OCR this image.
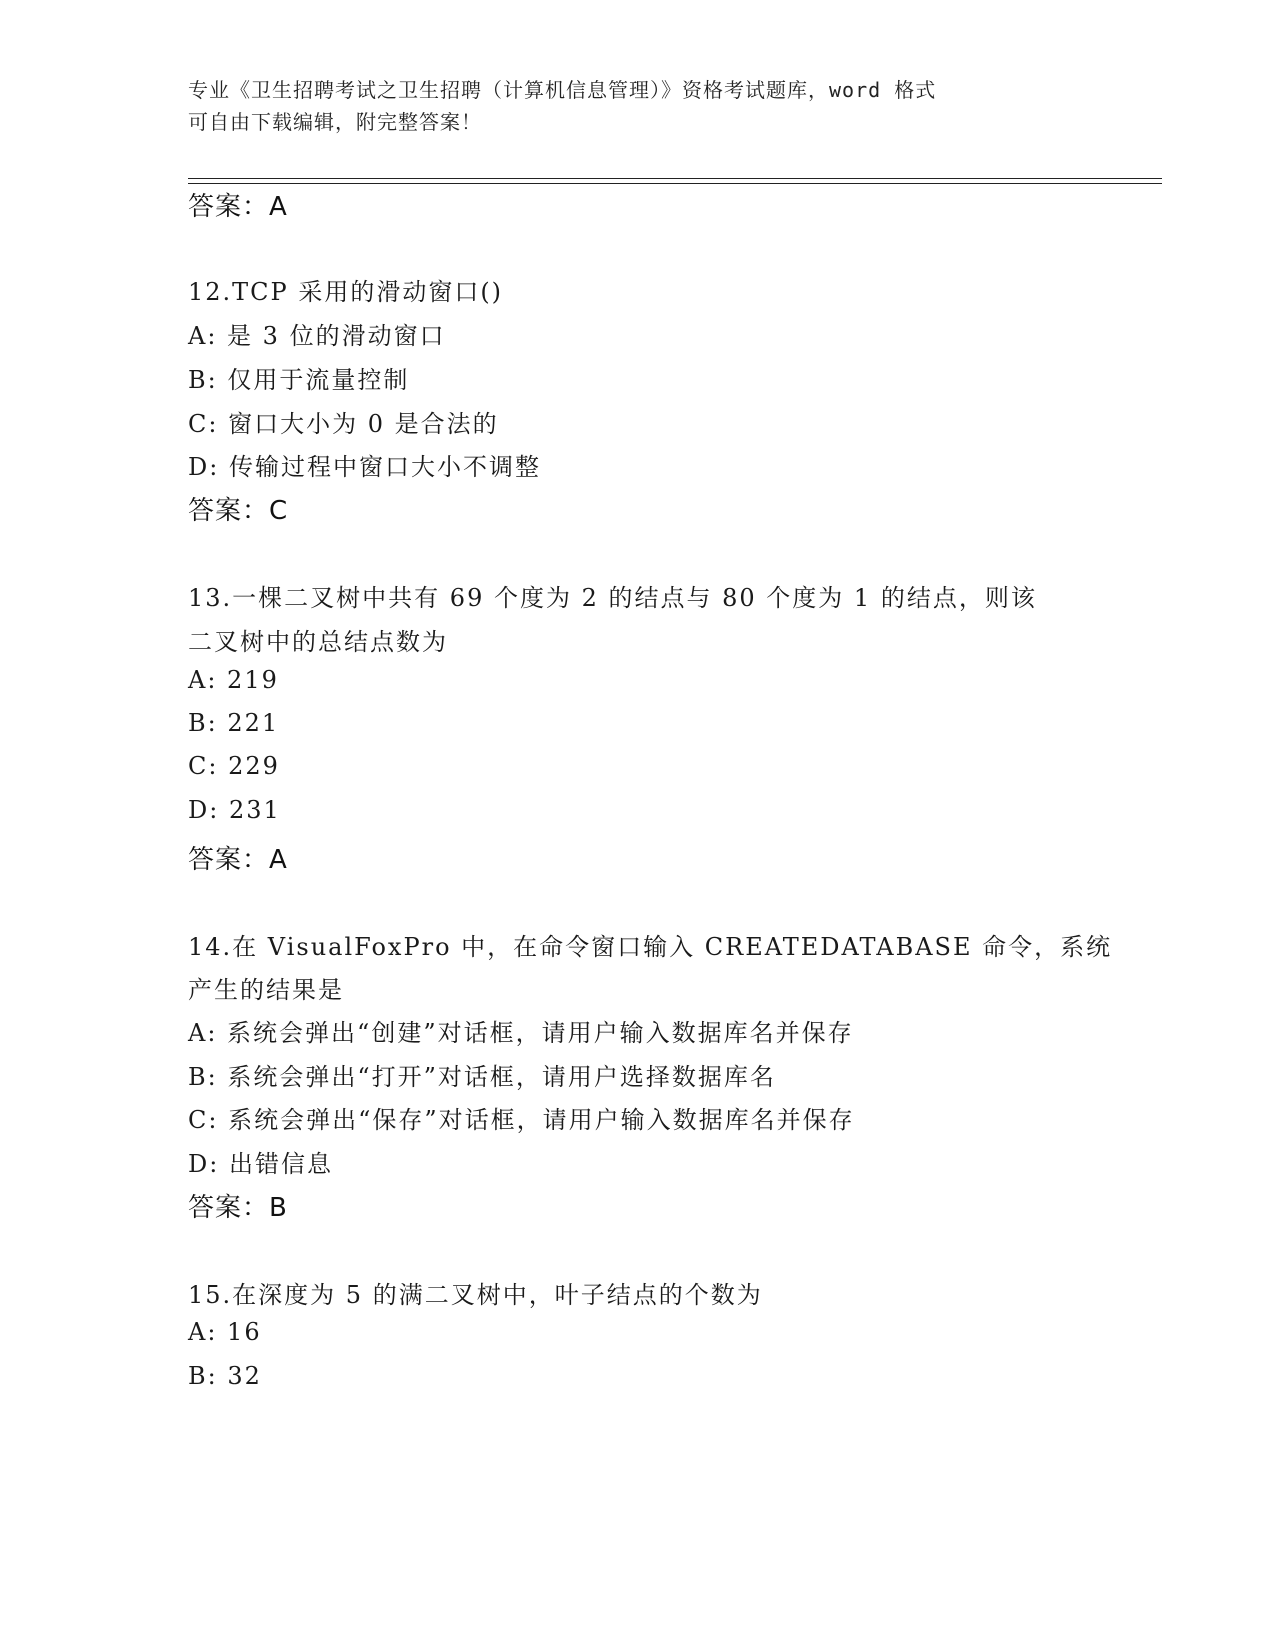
专业《卫生招聘考试之卫生招聘（计算机信息管理）》资格考试题库，word 格式
可自由下载编辑，附完整答案！
答案：A
12.TCP 采用的滑动窗口()
A: 是 3 位的滑动窗口
B: 仅用于流量控制
C: 窗口大小为 0 是合法的
D: 传输过程中窗口大小不调整
答案：C
13.一棵二叉树中共有 69 个度为 2 的结点与 80 个度为 1 的结点，则该
二叉树中的总结点数为
A: 219
B: 221
C: 229
D: 231
答案：A
14.在 VisualFoxPro 中，在命令窗口输入 CREATEDATABASE 命令，系统
产生的结果是
A: 系统会弹出“创建”对话框，请用户输入数据库名并保存
B: 系统会弹出“打开”对话框，请用户选择数据库名
C: 系统会弹出“保存”对话框，请用户输入数据库名并保存
D: 出错信息
答案：B
15.在深度为 5 的满二叉树中，叶子结点的个数为
A: 16
B: 32
